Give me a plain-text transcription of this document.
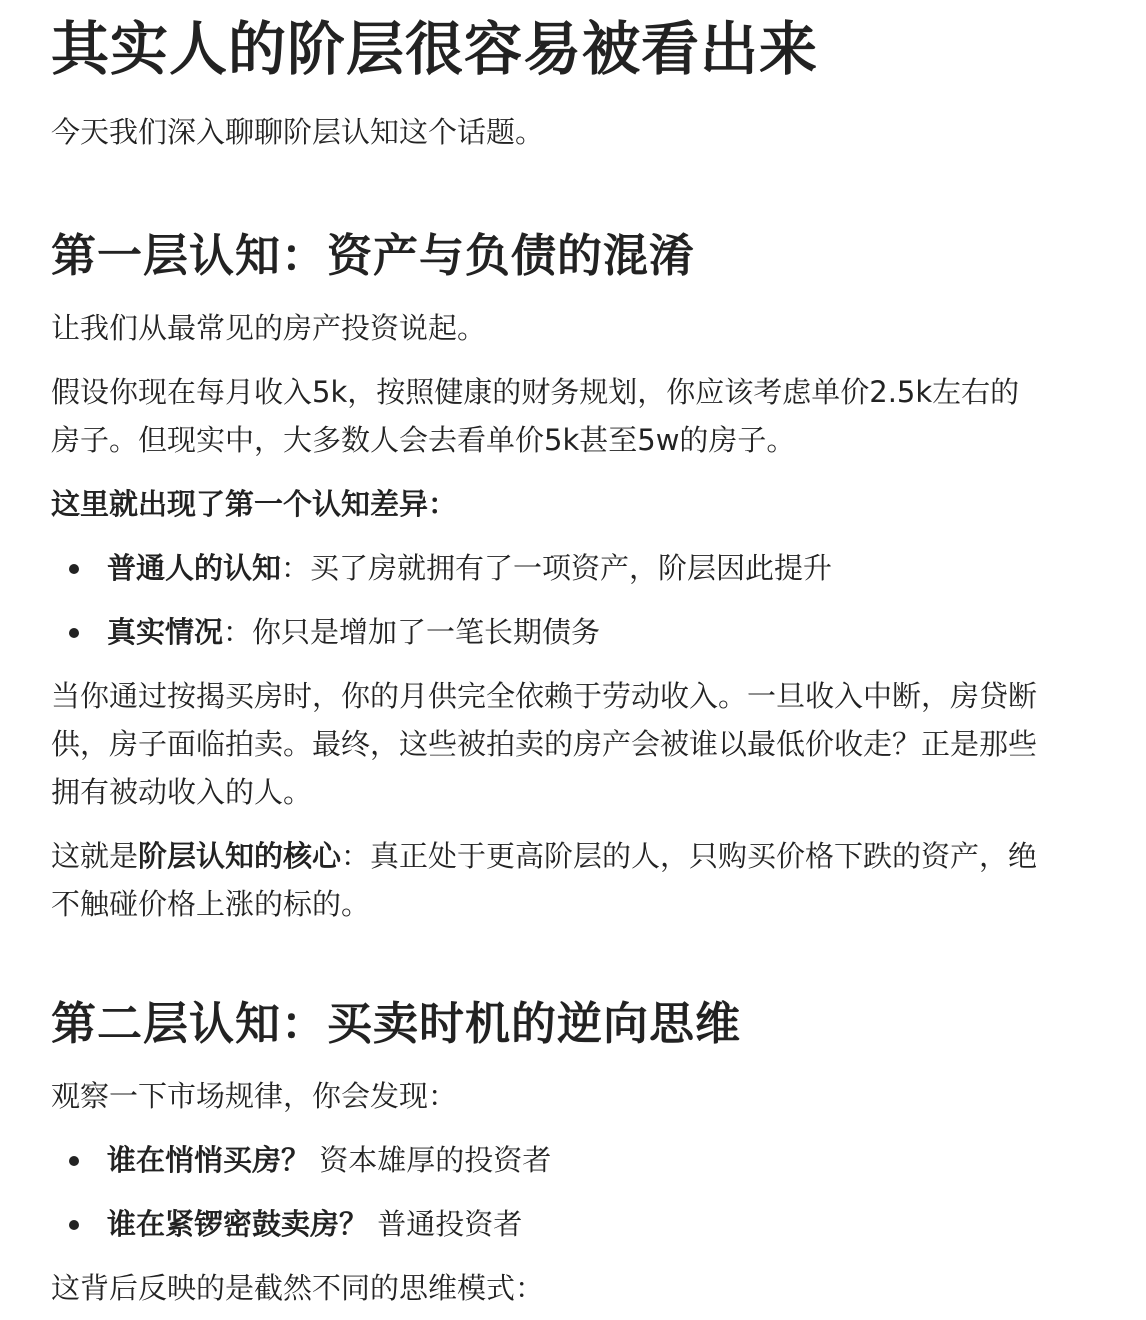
其实人的阶层很容易被看出来

今天我们深入聊聊阶层认知这个话题。

第一层认知：资产与负债的混淆

让我们从最常见的房产投资说起。

假设你现在每月收入5k，按照健康的财务规划，你应该考虑单价2.5k左右的房子。但现实中，大多数人会去看单价5k甚至5w的房子。

这里就出现了第一个认知差异：

普通人的认知：买了房就拥有了一项资产，阶层因此提升
真实情况：你只是增加了一笔长期债务

当你通过按揭买房时，你的月供完全依赖于劳动收入。一旦收入中断，房贷断供，房子面临拍卖。最终，这些被拍卖的房产会被谁以最低价收走？正是那些拥有被动收入的人。

这就是阶层认知的核心：真正处于更高阶层的人，只购买价格下跌的资产，绝不触碰价格上涨的标的。

第二层认知：买卖时机的逆向思维

观察一下市场规律，你会发现：

谁在悄悄买房？ 资本雄厚的投资者
谁在紧锣密鼓卖房？ 普通投资者

这背后反映的是截然不同的思维模式：
